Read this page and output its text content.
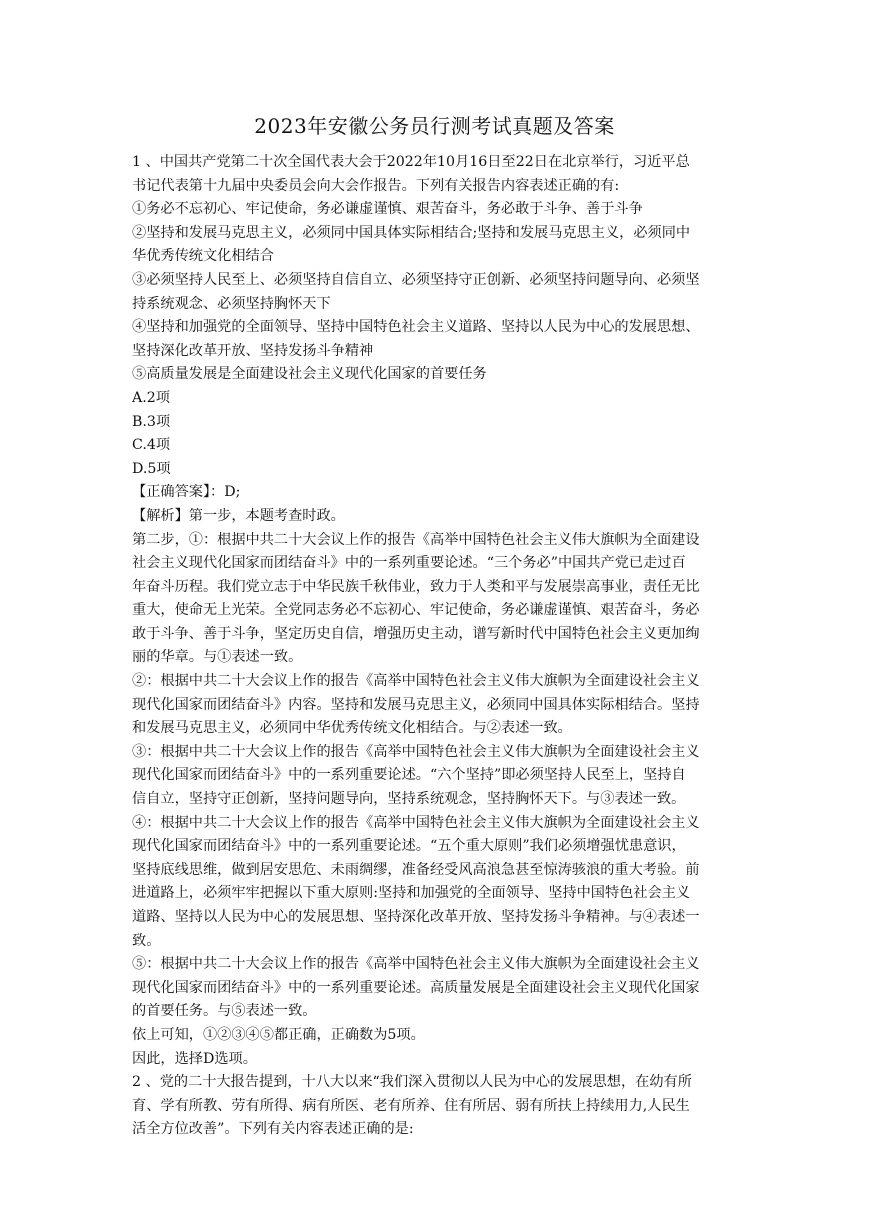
2023年安徽公务员行测考试真题及答案
1 、中国共产党第二十次全国代表大会于2022年10月16日至22日在北京举行，习近平总
书记代表第十九届中央委员会向大会作报告。下列有关报告内容表述正确的有:
①务必不忘初心、牢记使命，务必谦虚谨慎、艰苦奋斗，务必敢于斗争、善于斗争
②坚持和发展马克思主义，必须同中国具体实际相结合;坚持和发展马克思主义，必须同中
华优秀传统文化相结合
③必须坚持人民至上、必须坚持自信自立、必须坚持守正创新、必须坚持问题导向、必须坚
持系统观念、必须坚持胸怀天下
④坚持和加强党的全面领导、坚持中国特色社会主义道路、坚持以人民为中心的发展思想、
坚持深化改革开放、坚持发扬斗争精神
⑤高质量发展是全面建设社会主义现代化国家的首要任务
A.2项
B.3项
C.4项
D.5项
【正确答案】：D;
【解析】第一步，本题考查时政。
第二步，①：根据中共二十大会议上作的报告《高举中国特色社会主义伟大旗帜为全面建设
社会主义现代化国家而团结奋斗》中的一系列重要论述。“三个务必”中国共产党已走过百
年奋斗历程。我们党立志于中华民族千秋伟业，致力于人类和平与发展崇高事业，责任无比
重大，使命无上光荣。全党同志务必不忘初心、牢记使命，务必谦虚谨慎、艰苦奋斗，务必
敢于斗争、善于斗争，坚定历史自信，增强历史主动，谱写新时代中国特色社会主义更加绚
丽的华章。与①表述一致。
②：根据中共二十大会议上作的报告《高举中国特色社会主义伟大旗帜为全面建设社会主义
现代化国家而团结奋斗》内容。坚持和发展马克思主义，必须同中国具体实际相结合。坚持
和发展马克思主义，必须同中华优秀传统文化相结合。与②表述一致。
③：根据中共二十大会议上作的报告《高举中国特色社会主义伟大旗帜为全面建设社会主义
现代化国家而团结奋斗》中的一系列重要论述。“六个坚持”即必须坚持人民至上，坚持自
信自立，坚持守正创新，坚持问题导向，坚持系统观念，坚持胸怀天下。与③表述一致。
④：根据中共二十大会议上作的报告《高举中国特色社会主义伟大旗帜为全面建设社会主义
现代化国家而团结奋斗》中的一系列重要论述。“五个重大原则”我们必须增强忧患意识，
坚持底线思维，做到居安思危、未雨绸缪，准备经受风高浪急甚至惊涛骇浪的重大考验。前
进道路上，必须牢牢把握以下重大原则:坚持和加强党的全面领导、坚持中国特色社会主义
道路、坚持以人民为中心的发展思想、坚持深化改革开放、坚持发扬斗争精神。与④表述一
致。
⑤：根据中共二十大会议上作的报告《高举中国特色社会主义伟大旗帜为全面建设社会主义
现代化国家而团结奋斗》中的一系列重要论述。高质量发展是全面建设社会主义现代化国家
的首要任务。与⑤表述一致。
依上可知，①②③④⑤都正确，正确数为5项。
因此，选择D选项。
2 、党的二十大报告提到，十八大以来“我们深入贯彻以人民为中心的发展思想，在幼有所
育、学有所教、劳有所得、病有所医、老有所养、住有所居、弱有所扶上持续用力,人民生
活全方位改善”。下列有关内容表述正确的是:
